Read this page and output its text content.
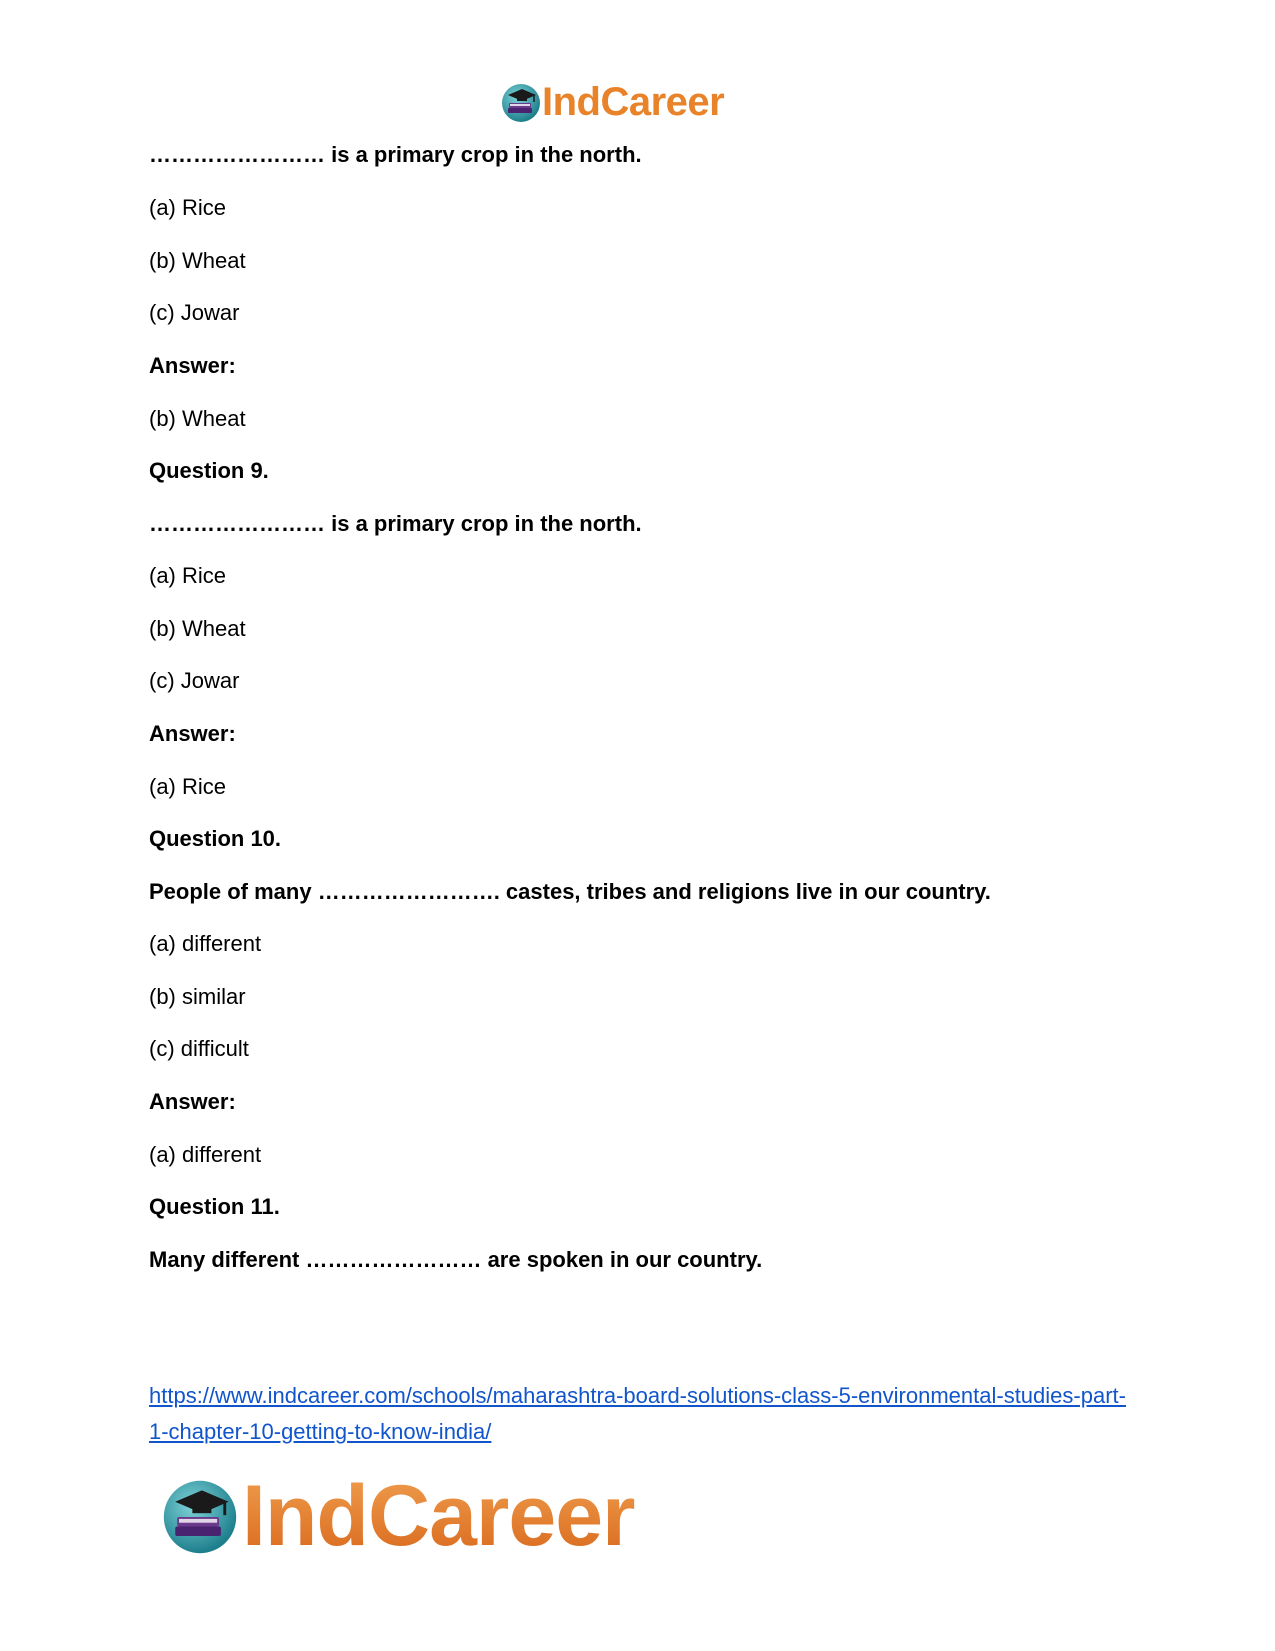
IndCareer
…………………… is a primary crop in the north.
(a) Rice
(b) Wheat
(c) Jowar
Answer:
(b) Wheat
Question 9.
…………………… is a primary crop in the north.
(a) Rice
(b) Wheat
(c) Jowar
Answer:
(a) Rice
Question 10.
People of many ……………………. castes, tribes and religions live in our country.
(a) different
(b) similar
(c) difficult
Answer:
(a) different
Question 11.
Many different …………………… are spoken in our country.
https://www.indcareer.com/schools/maharashtra-board-solutions-class-5-environmental-studies-part-1-chapter-10-getting-to-know-india/
IndCareer
